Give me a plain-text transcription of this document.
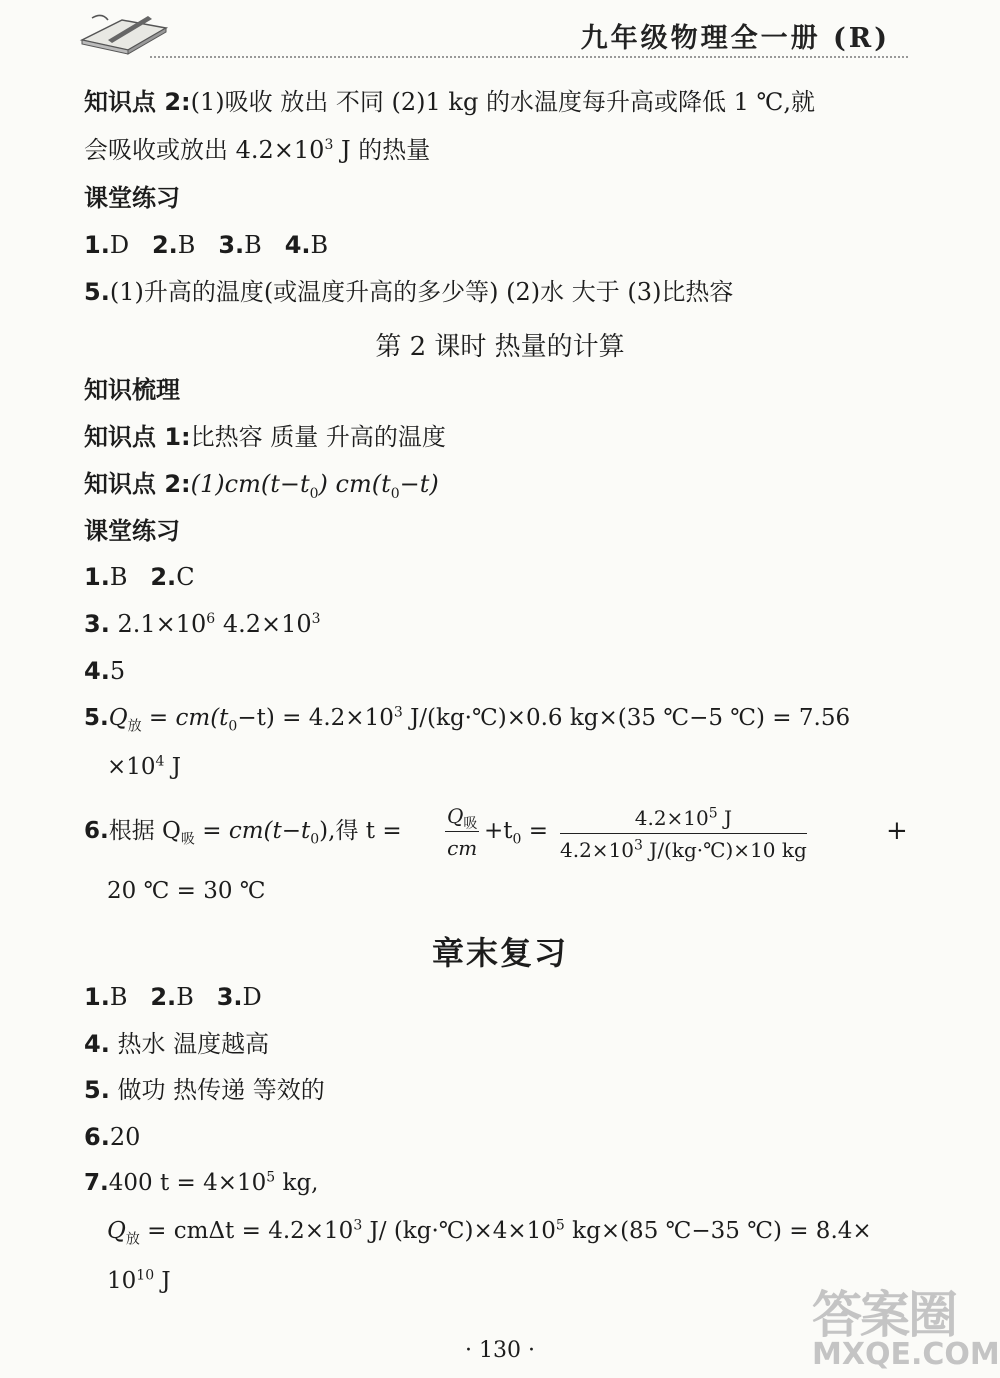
九年级物理全一册 (R)
知识点 2:(1)吸收 放出 不同 (2)1 kg 的水温度每升高或降低 1 ℃,就
会吸收或放出 $4.2\times 10^3$ J 的热量
课堂练习
1.D 2.B 3.B 4.B
5.(1)升高的温度(或温度升高的多少等) (2)水 大于 (3)比热容
第 2 课时 热量的计算
知识梳理
知识点 1:比热容 质量 升高的温度
知识点 $2:(1)cm(t-t_0)$ $cm(t_0-t)$
课堂练习
1.B 2.C
3. $2.1\times 10^6$ $4.2\times 10^3$
4.5
$5.Q_放 = cm(t_0-t) = 4.2\times 10^3$ J/(kg·℃)×0.6 kg×(35 ℃−5 ℃) = 7.56
$\times 10^4$ J
6.根据 $Q_吸 = cm(t-t_0)$,得 t =
$Q_吸$
cm
$+t_0 = \frac{4.2\times 10^5 J}{4.2\times 10^3 J/(kg\cdot℃)\times 10 kg}$	+
20 ℃ = 30 ℃
章末复习
1.B 2.B 3.D
4. 热水 温度越高
5. 做功 热传递 等效的
6.20
7.400 $t = 4\times 10^5$ kg,
$Q_放 = cm\Delta t = 4.2\times 10^3$ J/ $(kg\cdot℃)\times 4\times 10^5$ kg×(85 ℃−35 ℃) = 8.4×
$10^{10}$ J
· 130 ·
答案圈
MXQE.COM
